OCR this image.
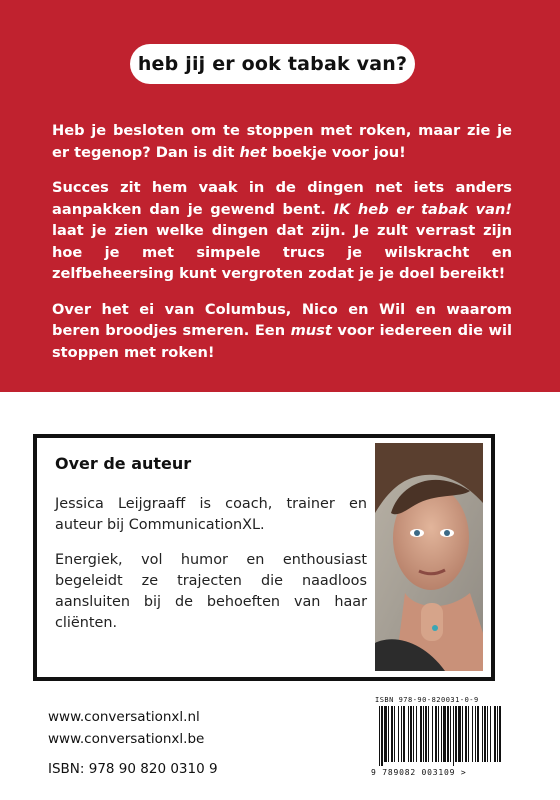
heb jij er ook tabak van?

Heb je besloten om te stoppen met roken, maar zie je er tegenop? Dan is dit het boekje voor jou!

Succes zit hem vaak in de dingen net iets anders aanpakken dan je gewend bent. IK heb er tabak van! laat je zien welke dingen dat zijn. Je zult verrast zijn hoe je met simpele trucs je wilskracht en zelfbeheersing kunt vergroten zodat je je doel bereikt!

Over het ei van Columbus, Nico en Wil en waarom beren broodjes smeren. Een must voor iedereen die wil stoppen met roken!

Over de auteur

Jessica Leijgraaff is coach, trainer en auteur bij CommunicationXL.

Energiek, vol humor en enthousiast begeleidt ze trajecten die naadloos aansluiten bij de behoeften van haar cliënten.

www.conversationxl.nl
www.conversationxl.be
ISBN: 978 90 820 0310 9
ISBN 978-90-820031-0-9
9 789082 003109 >
